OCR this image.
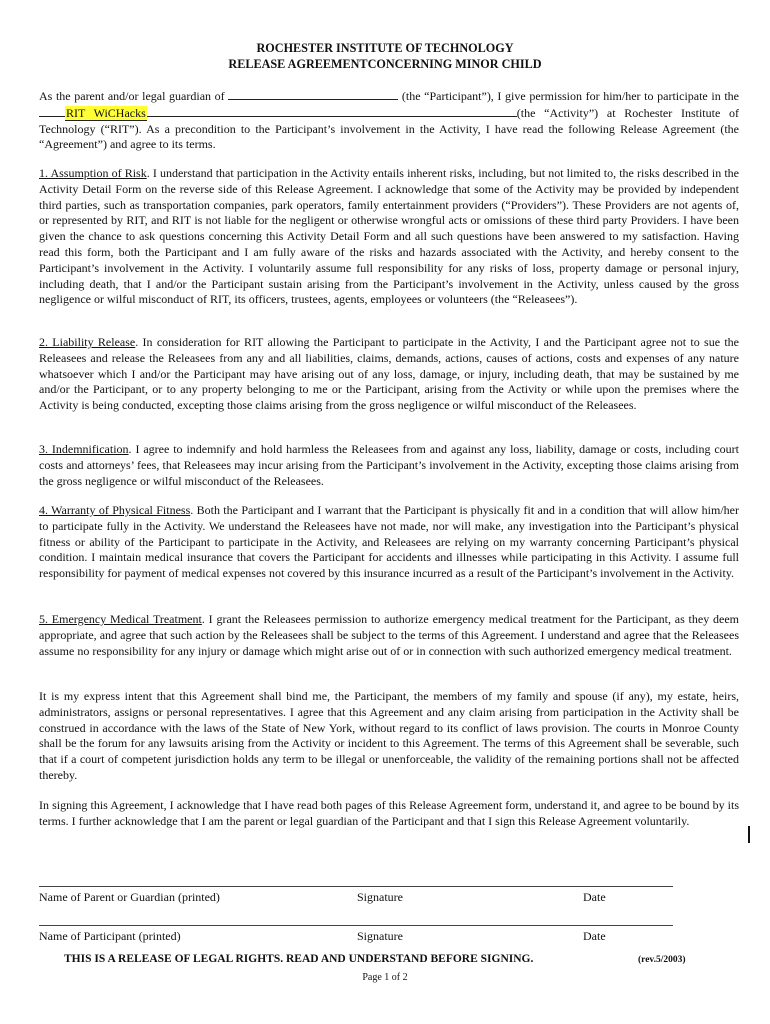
ROCHESTER INSTITUTE OF TECHNOLOGY
RELEASE AGREEMENTCONCERNING MINOR CHILD

As the parent and/or legal guardian of	(the “Participant”), I give permission for him/her to participate in the RIT WiCHacks	(the “Activity”) at Rochester Institute of Technology (“RIT”). As a precondition to the Participant’s involvement in the Activity, I have read the following Release Agreement (the “Agreement”) and agree to its terms.

1. Assumption of Risk. I understand that participation in the Activity entails inherent risks, including, but not limited to, the risks described in the Activity Detail Form on the reverse side of this Release Agreement. I acknowledge that some of the Activity may be provided by independent third parties, such as transportation companies, park operators, family entertainment providers (“Providers”). These Providers are not agents of, or represented by RIT, and RIT is not liable for the negligent or otherwise wrongful acts or omissions of these third party Providers. I have been given the chance to ask questions concerning this Activity Detail Form and all such questions have been answered to my satisfaction. Having read this form, both the Participant and I am fully aware of the risks and hazards associated with the Activity, and hereby consent to the Participant’s involvement in the Activity. I voluntarily assume full responsibility for any risks of loss, property damage or personal injury, including death, that I and/or the Participant sustain arising from the Participant’s involvement in the Activity, unless caused by the gross negligence or wilful misconduct of RIT, its officers, trustees, agents, employees or volunteers (the “Releasees”).

2. Liability Release. In consideration for RIT allowing the Participant to participate in the Activity, I and the Participant agree not to sue the Releasees and release the Releasees from any and all liabilities, claims, demands, actions, causes of actions, costs and expenses of any nature whatsoever which I and/or the Participant may have arising out of any loss, damage, or injury, including death, that may be sustained by me and/or the Participant, or to any property belonging to me or the Participant, arising from the Activity or while upon the premises where the Activity is being conducted, excepting those claims arising from the gross negligence or wilful misconduct of the Releasees.

3. Indemnification. I agree to indemnify and hold harmless the Releasees from and against any loss, liability, damage or costs, including court costs and attorneys’ fees, that Releasees may incur arising from the Participant’s involvement in the Activity, excepting those claims arising from the gross negligence or wilful misconduct of the Releasees.

4. Warranty of Physical Fitness. Both the Participant and I warrant that the Participant is physically fit and in a condition that will allow him/her to participate fully in the Activity. We understand the Releasees have not made, nor will make, any investigation into the Participant’s physical fitness or ability of the Participant to participate in the Activity, and Releasees are relying on my warranty concerning Participant’s physical condition. I maintain medical insurance that covers the Participant for accidents and illnesses while participating in this Activity. I assume full responsibility for payment of medical expenses not covered by this insurance incurred as a result of the Participant’s involvement in the Activity.

5. Emergency Medical Treatment. I grant the Releasees permission to authorize emergency medical treatment for the Participant, as they deem appropriate, and agree that such action by the Releasees shall be subject to the terms of this Agreement. I understand and agree that the Releasees assume no responsibility for any injury or damage which might arise out of or in connection with such authorized emergency medical treatment.

It is my express intent that this Agreement shall bind me, the Participant, the members of my family and spouse (if any), my estate, heirs, administrators, assigns or personal representatives. I agree that this Agreement and any claim arising from participation in the Activity shall be construed in accordance with the laws of the State of New York, without regard to its conflict of laws provision. The courts in Monroe County shall be the forum for any lawsuits arising from the Activity or incident to this Agreement. The terms of this Agreement shall be severable, such that if a court of competent jurisdiction holds any term to be illegal or unenforceable, the validity of the remaining portions shall not be affected thereby.

In signing this Agreement, I acknowledge that I have read both pages of this Release Agreement form, understand it, and agree to be bound by its terms. I further acknowledge that I am the parent or legal guardian of the Participant and that I sign this Release Agreement voluntarily.

Name of Parent or Guardian (printed)	Signature	Date
Name of Participant (printed)	Signature	Date
THIS IS A RELEASE OF LEGAL RIGHTS. READ AND UNDERSTAND BEFORE SIGNING.	(rev.5/2003)
Page 1 of 2
